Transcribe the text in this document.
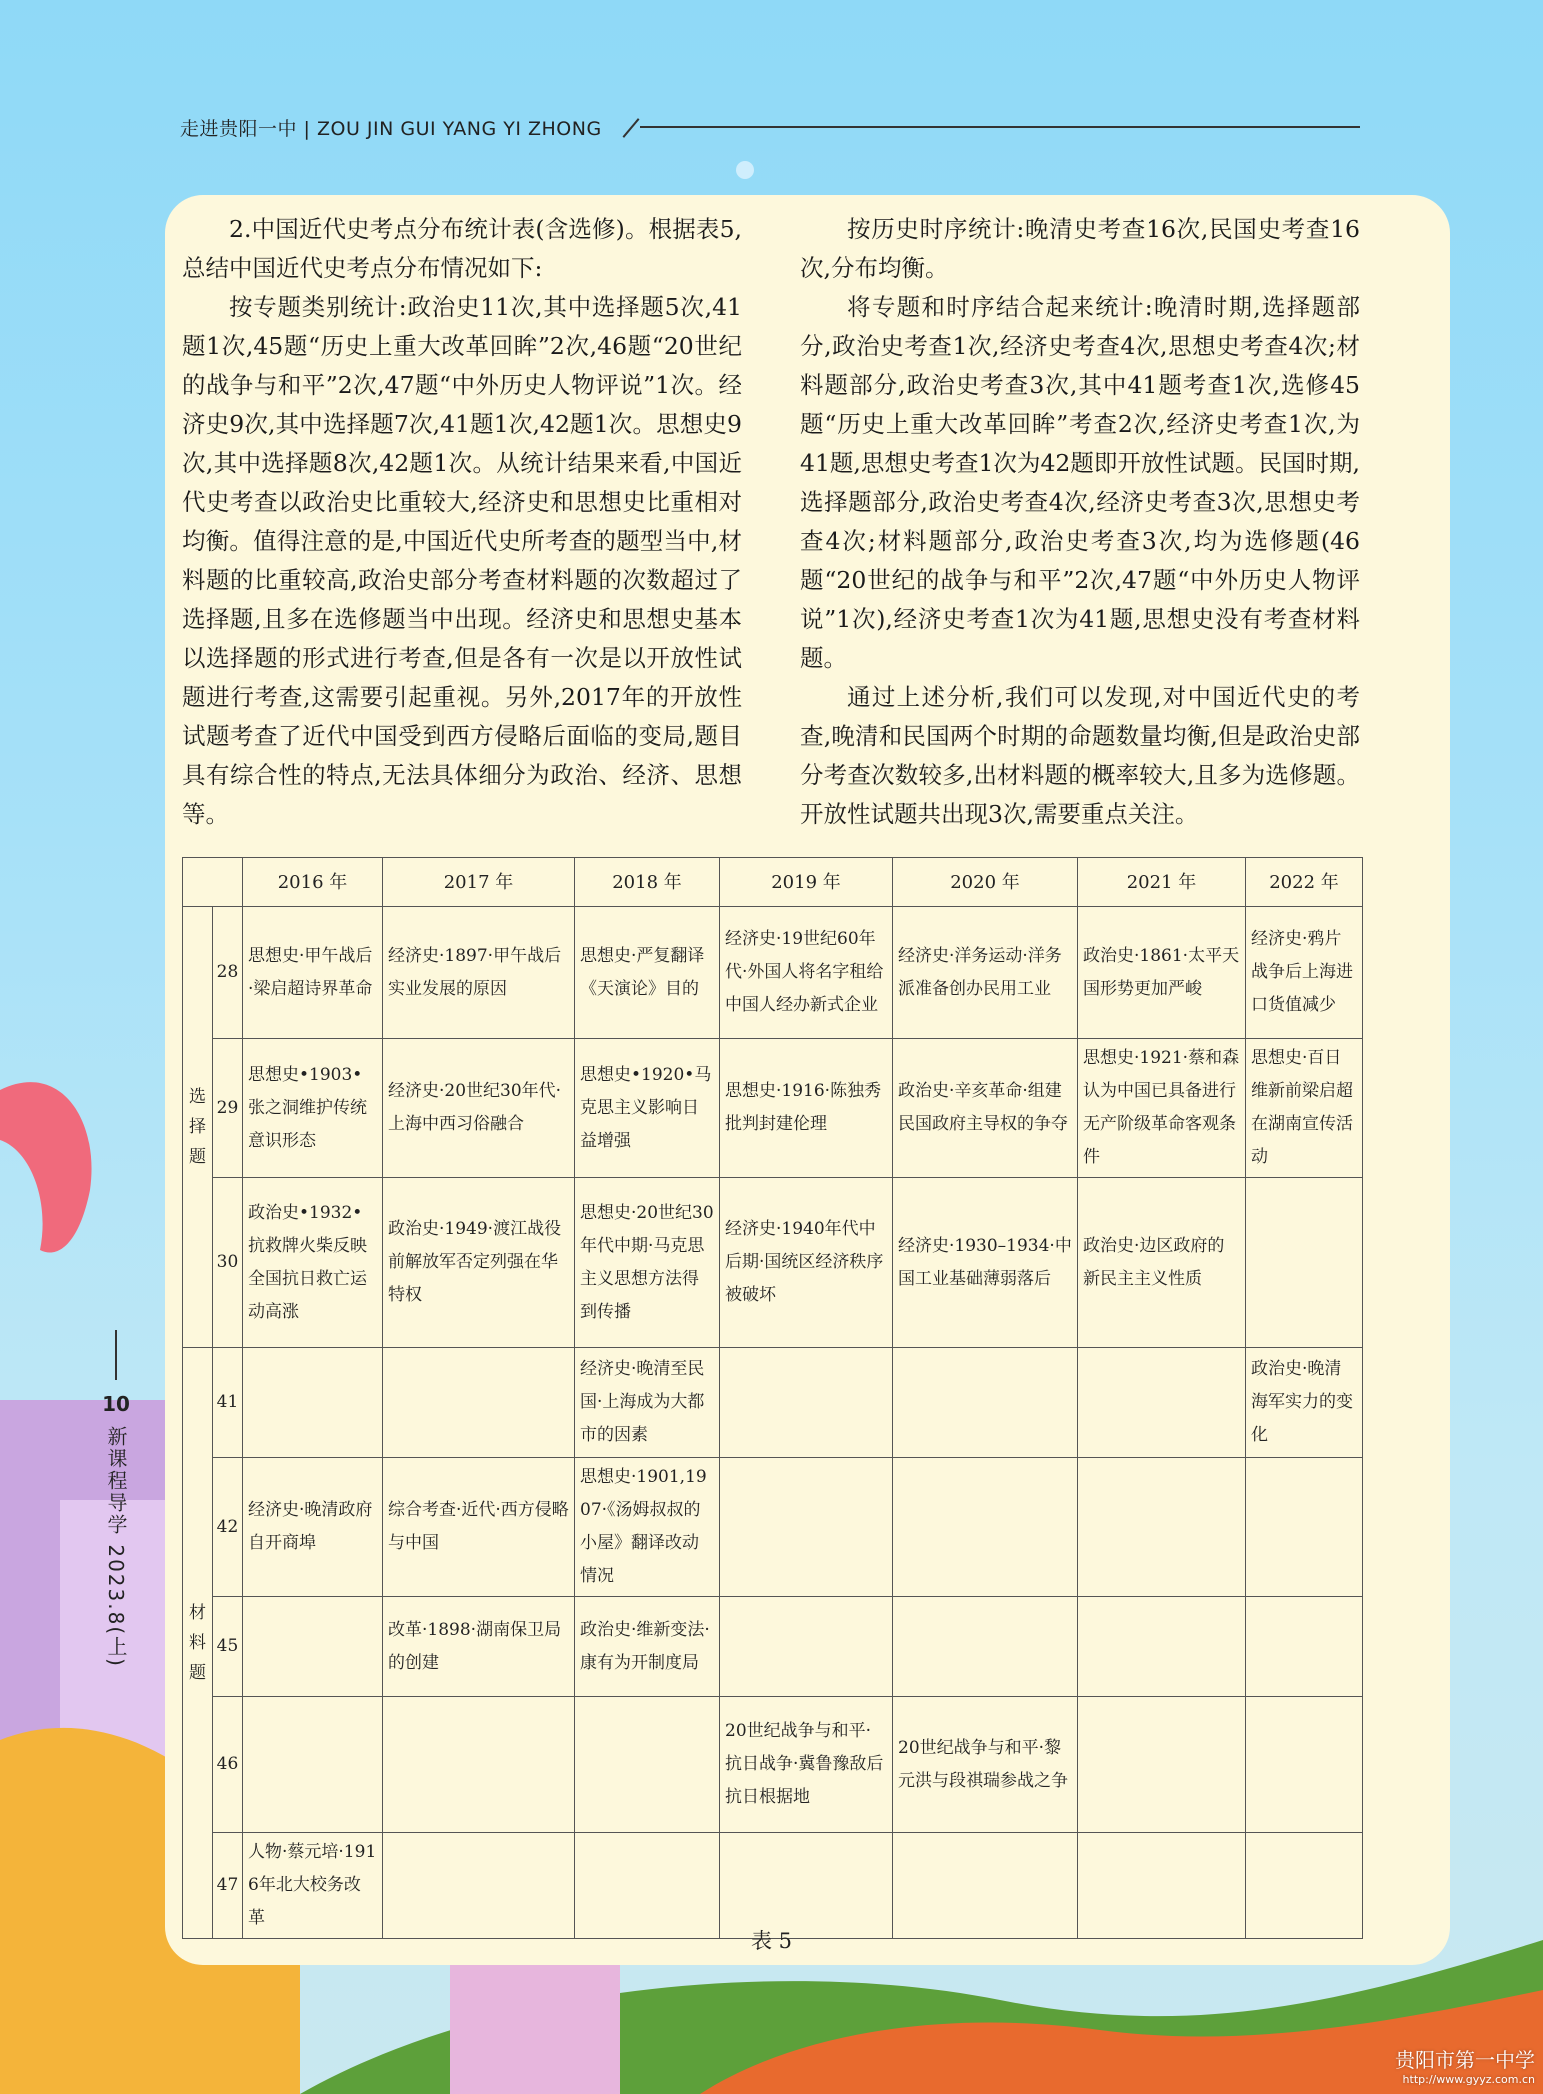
走进贵阳一中 | ZOU JIN GUI YANG YI ZHONG

2.中国近代史考点分布统计表(含选修)。根据表5,总结中国近代史考点分布情况如下:

按专题类别统计:政治史11次,其中选择题5次,41题1次,45题“历史上重大改革回眸”2次,46题“20世纪的战争与和平”2次,47题“中外历史人物评说”1次。经济史9次,其中选择题7次,41题1次,42题1次。思想史9次,其中选择题8次,42题1次。从统计结果来看,中国近代史考查以政治史比重较大,经济史和思想史比重相对均衡。值得注意的是,中国近代史所考查的题型当中,材料题的比重较高,政治史部分考查材料题的次数超过了选择题,且多在选修题当中出现。经济史和思想史基本以选择题的形式进行考查,但是各有一次是以开放性试题进行考查,这需要引起重视。另外,2017年的开放性试题考查了近代中国受到西方侵略后面临的变局,题目具有综合性的特点,无法具体细分为政治、经济、思想等。

按历史时序统计:晚清史考查16次,民国史考查16次,分布均衡。

将专题和时序结合起来统计:晚清时期,选择题部分,政治史考查1次,经济史考查4次,思想史考查4次;材料题部分,政治史考查3次,其中41题考查1次,选修45题“历史上重大改革回眸”考查2次,经济史考查1次,为41题,思想史考查1次为42题即开放性试题。民国时期,选择题部分,政治史考查4次,经济史考查3次,思想史考查4次;材料题部分,政治史考查3次,均为选修题(46题“20世纪的战争与和平”2次,47题“中外历史人物评说”1次),经济史考查1次为41题,思想史没有考查材料题。

通过上述分析,我们可以发现,对中国近代史的考查,晚清和民国两个时期的命题数量均衡,但是政治史部分考查次数较多,出材料题的概率较大,且多为选修题。开放性试题共出现3次,需要重点关注。

		2016 年	2017 年	2018 年	2019 年	2020 年	2021 年	2022 年
选择题	28	思想史·甲午战后·梁启超诗界革命	经济史·1897·甲午战后实业发展的原因	思想史·严复翻译《天演论》目的	经济史·19世纪60年代·外国人将名字租给中国人经办新式企业	经济史·洋务运动·洋务派准备创办民用工业	政治史·1861·太平天国形势更加严峻	经济史·鸦片战争后上海进口货值减少
	29	思想史•1903•张之洞维护传统意识形态	经济史·20世纪30年代·上海中西习俗融合	思想史•1920•马克思主义影响日益增强	思想史·1916·陈独秀批判封建伦理	政治史·辛亥革命·组建民国政府主导权的争夺	思想史·1921·蔡和森认为中国已具备进行无产阶级革命客观条件	思想史·百日维新前梁启超在湖南宣传活动
	30	政治史•1932•抗救牌火柴反映全国抗日救亡运动高涨	政治史·1949·渡江战役前解放军否定列强在华特权	思想史·20世纪30年代中期·马克思主义思想方法得到传播	经济史·1940年代中后期·国统区经济秩序被破坏	经济史·1930–1934·中国工业基础薄弱落后	政治史·边区政府的新民主主义性质	
材料题	41			经济史·晚清至民国·上海成为大都市的因素				政治史·晚清海军实力的变化
	42	经济史·晚清政府自开商埠	综合考查·近代·西方侵略与中国	思想史·1901,1907·《汤姆叔叔的小屋》翻译改动情况				
	45		改革·1898·湖南保卫局的创建	政治史·维新变法·康有为开制度局				
	46				20世纪战争与和平·抗日战争·冀鲁豫敌后抗日根据地	20世纪战争与和平·黎元洪与段祺瑞参战之争		
	47	人物·蔡元培·1916年北大校务改革						
表 5
10
新课程导学 2023.8(上)
贵阳市第一中学
http://www.gyyz.com.cn
